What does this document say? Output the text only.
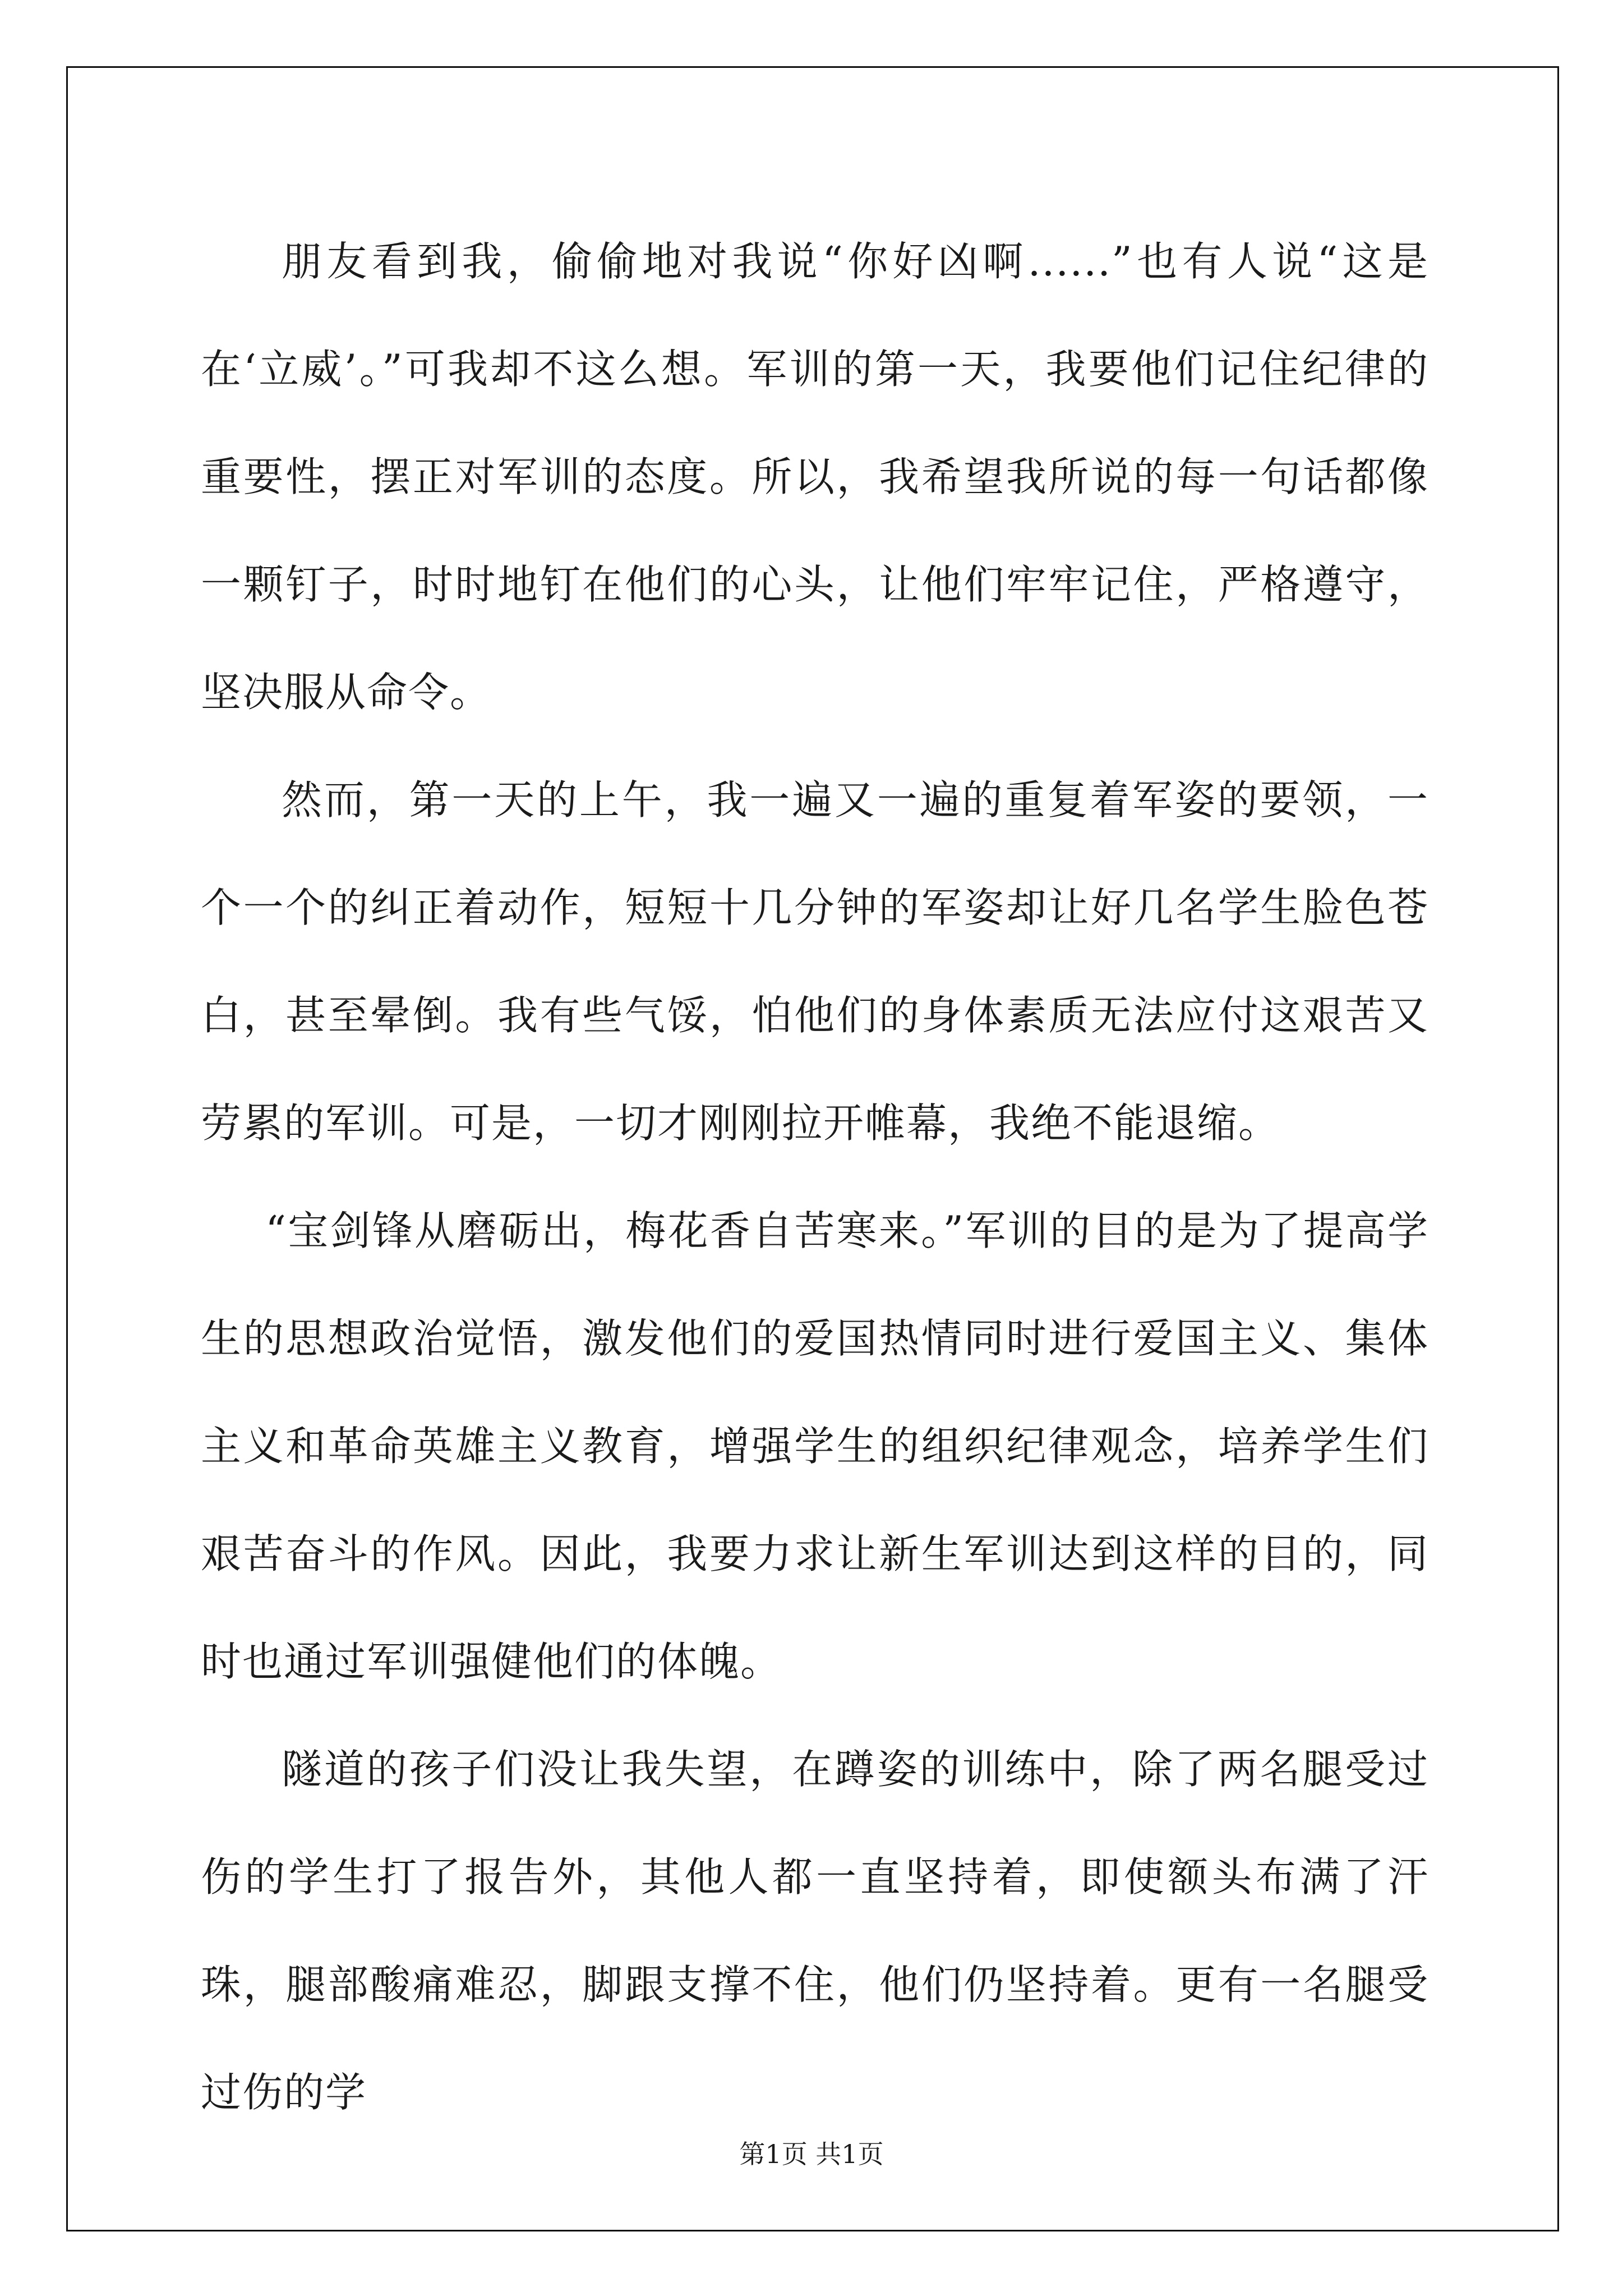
朋友看到我，偷偷地对我说“你好凶啊......”也有人说“这是在‘立威’。”可我却不这么想。军训的第一天，我要他们记住纪律的重要性，摆正对军训的态度。所以，我希望我所说的每一句话都像一颗钉子，时时地钉在他们的心头，让他们牢牢记住，严格遵守，坚决服从命令。

然而，第一天的上午，我一遍又一遍的重复着军姿的要领，一个一个的纠正着动作，短短十几分钟的军姿却让好几名学生脸色苍白，甚至晕倒。我有些气馁，怕他们的身体素质无法应付这艰苦又劳累的军训。可是，一切才刚刚拉开帷幕，我绝不能退缩。

“宝剑锋从磨砺出，梅花香自苦寒来。”军训的目的是为了提高学生的思想政治觉悟，激发他们的爱国热情同时进行爱国主义、集体主义和革命英雄主义教育，增强学生的组织纪律观念，培养学生们艰苦奋斗的作风。因此，我要力求让新生军训达到这样的目的，同时也通过军训强健他们的体魄。

隧道的孩子们没让我失望，在蹲姿的训练中，除了两名腿受过伤的学生打了报告外，其他人都一直坚持着，即使额头布满了汗珠，腿部酸痛难忍，脚跟支撑不住，他们仍坚持着。更有一名腿受过伤的学

第1页 共1页
